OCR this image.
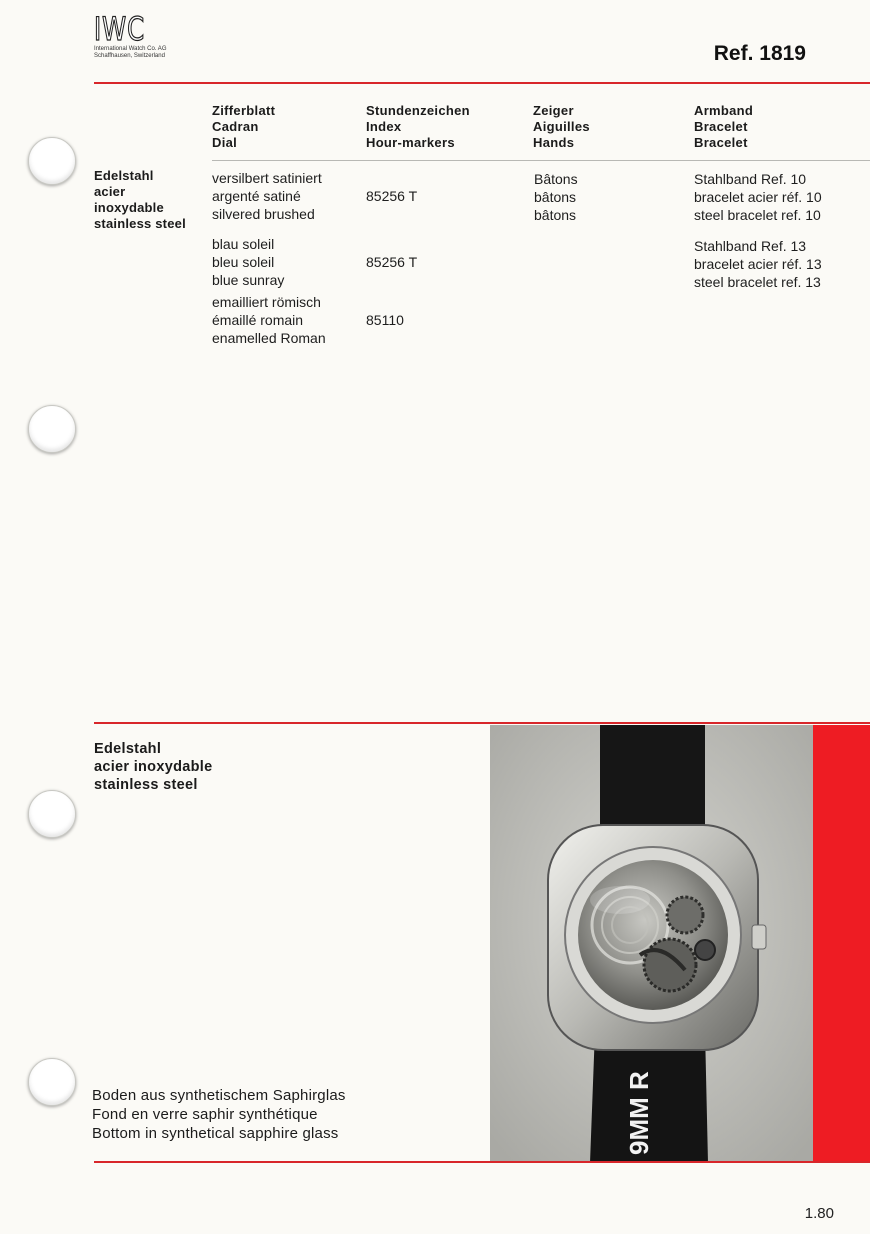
IWC
International Watch Co. AG
Schaffhausen, Switzerland	Ref. 1819
Zifferblatt
Cadran
Dial
Stundenzeichen
Index
Hour-markers
Zeiger
Aiguilles
Hands
Armband
Bracelet
Bracelet
Edelstahl
acier
inoxydable
stainless steel
versilbert satiniert
argenté satiné
silvered brushed
85256 T
Bâtons
bâtons
bâtons
Stahlband Ref. 10
bracelet acier réf. 10
steel bracelet ref. 10
blau soleil
bleu soleil
blue sunray
85256 T
Stahlband Ref. 13
bracelet acier réf. 13
steel bracelet ref. 13
emailliert römisch
émaillé romain
enamelled Roman
85110
Edelstahl
acier inoxydable
stainless steel
Boden aus synthetischem Saphirglas
Fond en verre saphir synthétique
Bottom in synthetical sapphire glass	9MM R
1.80
